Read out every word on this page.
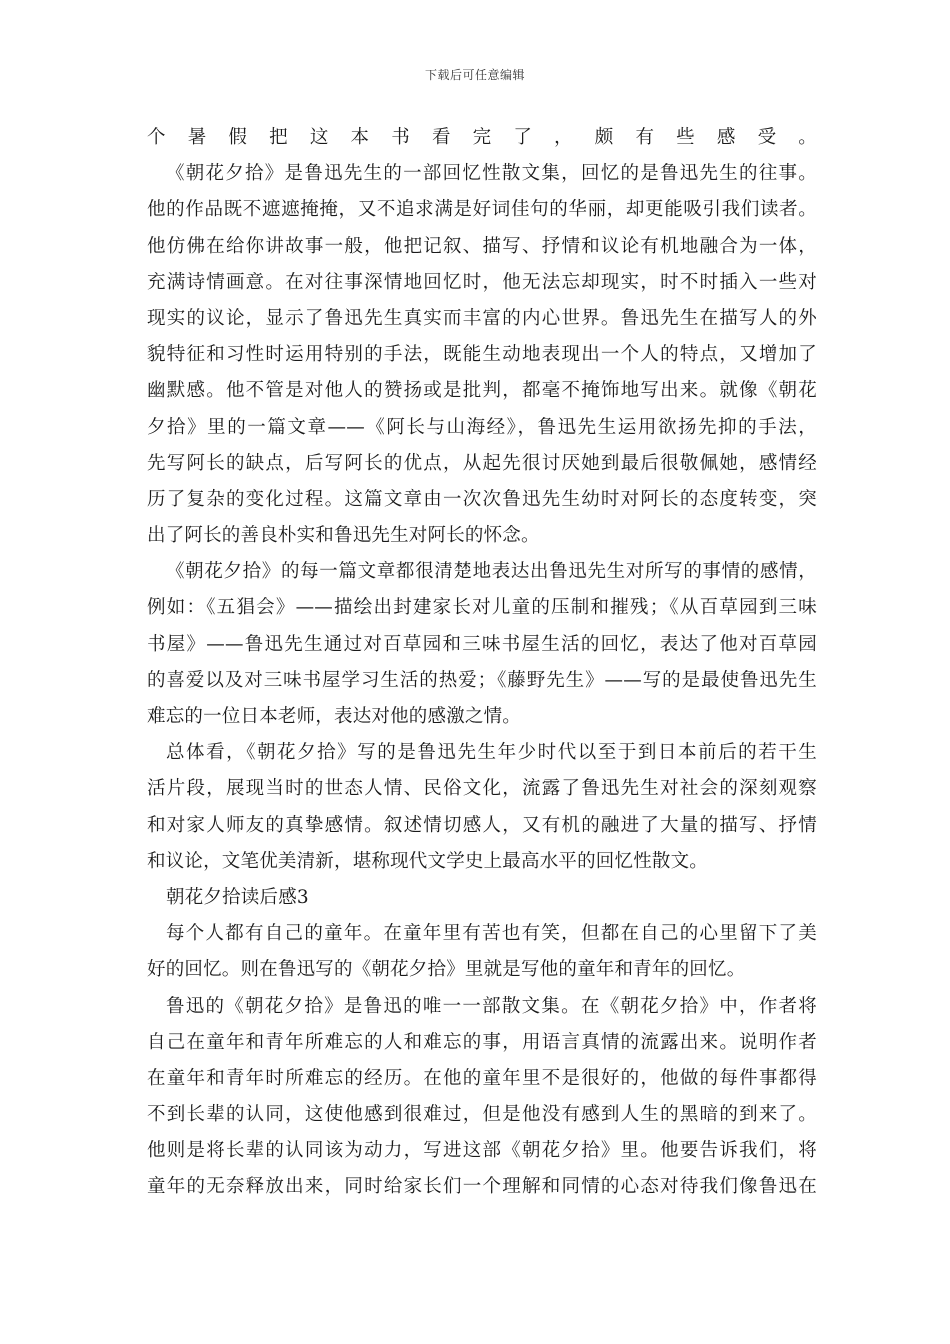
下载后可任意编辑
个暑假把这本书看完了，颇有些感受。
《朝花夕拾》是鲁迅先生的一部回忆性散文集，回忆的是鲁迅先生的往事。
他的作品既不遮遮掩掩，又不追求满是好词佳句的华丽，却更能吸引我们读者。
他仿佛在给你讲故事一般，他把记叙、描写、抒情和议论有机地融合为一体，
充满诗情画意。在对往事深情地回忆时，他无法忘却现实，时不时插入一些对
现实的议论，显示了鲁迅先生真实而丰富的内心世界。鲁迅先生在描写人的外
貌特征和习性时运用特别的手法，既能生动地表现出一个人的特点，又增加了
幽默感。他不管是对他人的赞扬或是批判，都毫不掩饰地写出来。就像《朝花
夕拾》里的一篇文章——《阿长与山海经》，鲁迅先生运用欲扬先抑的手法，
先写阿长的缺点，后写阿长的优点，从起先很讨厌她到最后很敬佩她，感情经
历了复杂的变化过程。这篇文章由一次次鲁迅先生幼时对阿长的态度转变，突
出了阿长的善良朴实和鲁迅先生对阿长的怀念。
《朝花夕拾》的每一篇文章都很清楚地表达出鲁迅先生对所写的事情的感情，
例如：《五猖会》——描绘出封建家长对儿童的压制和摧残；《从百草园到三味
书屋》——鲁迅先生通过对百草园和三味书屋生活的回忆，表达了他对百草园
的喜爱以及对三味书屋学习生活的热爱；《藤野先生》——写的是最使鲁迅先生
难忘的一位日本老师，表达对他的感激之情。
总体看，《朝花夕拾》写的是鲁迅先生年少时代以至于到日本前后的若干生
活片段，展现当时的世态人情、民俗文化，流露了鲁迅先生对社会的深刻观察
和对家人师友的真挚感情。叙述情切感人，又有机的融进了大量的描写、抒情
和议论，文笔优美清新，堪称现代文学史上最高水平的回忆性散文。
朝花夕拾读后感3
每个人都有自己的童年。在童年里有苦也有笑，但都在自己的心里留下了美
好的回忆。则在鲁迅写的《朝花夕拾》里就是写他的童年和青年的回忆。
鲁迅的《朝花夕拾》是鲁迅的唯一一部散文集。在《朝花夕拾》中，作者将
自己在童年和青年所难忘的人和难忘的事，用语言真情的流露出来。说明作者
在童年和青年时所难忘的经历。在他的童年里不是很好的，他做的每件事都得
不到长辈的认同，这使他感到很难过，但是他没有感到人生的黑暗的到来了。
他则是将长辈的认同该为动力，写进这部《朝花夕拾》里。他要告诉我们，将
童年的无奈释放出来，同时给家长们一个理解和同情的心态对待我们像鲁迅在
